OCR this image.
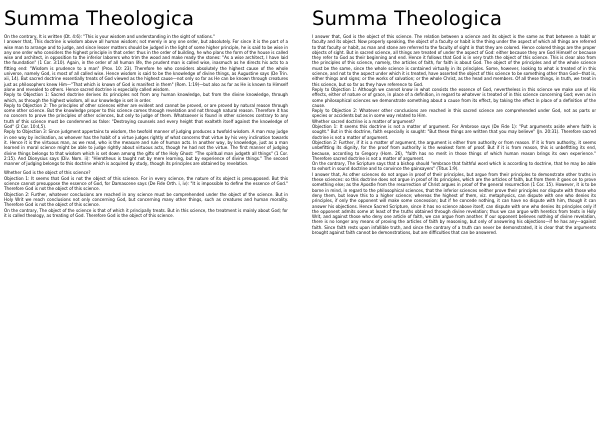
Summa Theologica

On the contrary, It is written (Dt. 4:6): "This is your wisdom and understanding in the sight of nations."

I answer that, This doctrine is wisdom above all human wisdom; not merely in any one order, but absolutely. For since it is the part of a wise man to arrange and to judge, and since lesser matters should be judged in the light of some higher principle, he is said to be wise in any one order who considers the highest principle in that order: thus in the order of building, he who plans the form of the house is called wise and architect, in opposition to the inferior laborers who trim the wood and make ready the stones: "As a wise architect, I have laid the foundation" (1 Cor. 3:10). Again, in the order of all human life, the prudent man is called wise, inasmuch as he directs his acts to a fitting end: "Wisdom is prudence to a man" (Prov. 10: 23). Therefore he who considers absolutely the highest cause of the whole universe, namely God, is most of all called wise. Hence wisdom is said to be the knowledge of divine things, as Augustine says (De Trin. xii, 14). But sacred doctrine essentially treats of God viewed as the highest cause—not only so far as He can be known through creatures just as philosophers knew Him—"That which is known of God is manifest in them" (Rom. 1:19)—but also as far as He is known to Himself alone and revealed to others. Hence sacred doctrine is especially called wisdom.

Reply to Objection 1: Sacred doctrine derives its principles not from any human knowledge, but from the divine knowledge, through which, as through the highest wisdom, all our knowledge is set in order.

Reply to Objection 2: The principles of other sciences either are evident and cannot be proved, or are proved by natural reason through some other science. But the knowledge proper to this science comes through revelation and not through natural reason. Therefore it has no concern to prove the principles of other sciences, but only to judge of them. Whatsoever is found in other sciences contrary to any truth of this science must be condemned as false: "Destroying counsels and every height that exalteth itself against the knowledge of God" (2 Cor. 10:4,5).

Reply to Objection 3: Since judgment appertains to wisdom, the twofold manner of judging produces a twofold wisdom. A man may judge in one way by inclination, as whoever has the habit of a virtue judges rightly of what concerns that virtue by his very inclination towards it. Hence it is the virtuous man, as we read, who is the measure and rule of human acts. In another way, by knowledge, just as a man learned in moral science might be able to judge rightly about virtuous acts, though he had not the virtue. The first manner of judging divine things belongs to that wisdom which is set down among the gifts of the Holy Ghost: "The spiritual man judgeth all things" (1 Cor. 2:15). And Dionysius says (Div. Nom. ii): "Hierotheus is taught not by mere learning, but by experience of divine things." The second manner of judging belongs to this doctrine which is acquired by study, though its principles are obtained by revelation.

Whether God is the object of this science?

Objection 1: It seems that God is not the object of this science. For in every science, the nature of its object is presupposed. But this science cannot presuppose the essence of God, for Damascene says (De Fide Orth. i, iv): "It is impossible to define the essence of God." Therefore God is not the object of this science.

Objection 2: Further, whatever conclusions are reached in any science must be comprehended under the object of the science. But in Holy Writ we reach conclusions not only concerning God, but concerning many other things, such as creatures and human morality. Therefore God is not the object of this science.

On the contrary, The object of the science is that of which it principally treats. But in this science, the treatment is mainly about God; for it is called theology, as treating of God. Therefore God is the object of this science.

Summa Theologica

I answer that, God is the object of this science. The relation between a science and its object is the same as that between a habit or faculty and its object. Now properly speaking, the object of a faculty or habit is the thing under the aspect of which all things are referred to that faculty or habit, as man and stone are referred to the faculty of sight in that they are colored. Hence colored things are the proper objects of sight. But in sacred science, all things are treated of under the aspect of God: either because they are God Himself or because they refer to God as their beginning and end. Hence it follows that God is in very truth the object of this science. This is clear also from the principles of this science, namely, the articles of faith, for faith is about God. The object of the principles and of the whole science must be the same, since the whole science is contained virtually in its principles. Some, however, looking to what is treated of in this science, and not to the aspect under which it is treated, have asserted the object of this science to be something other than God—that is, either things and signs; or the works of salvation; or the whole Christ, as the head and members. Of all these things, in truth, we treat in this science, but so far as they have reference to God.

Reply to Objection 1: Although we cannot know in what consists the essence of God, nevertheless in this science we make use of His effects, either of nature or of grace, in place of a definition, in regard to whatever is treated of in this science concerning God; even as in some philosophical sciences we demonstrate something about a cause from its effect, by taking the effect in place of a definition of the cause.

Reply to Objection 2: Whatever other conclusions are reached in this sacred science are comprehended under God, not as parts or species or accidents but as in some way related to Him.

Whether sacred doctrine is a matter of argument?

Objection 1: It seems this doctrine is not a matter of argument. For Ambrose says (De Fide 1): "Put arguments aside where faith is sought." But in this doctrine, faith especially is sought: "But these things are written that you may believe" (Jn. 20:31). Therefore sacred doctrine is not a matter of argument.

Objection 2: Further, if it is a matter of argument, the argument is either from authority or from reason. If it is from authority, it seems unbefitting its dignity, for the proof from authority is the weakest form of proof. But if it is from reason, this is unbefitting its end, because, according to Gregory (Hom. 26), "faith has no merit in those things of which human reason brings its own experience." Therefore sacred doctrine is not a matter of argument.

On the contrary, The Scripture says that a bishop should "embrace that faithful word which is according to doctrine, that he may be able to exhort in sound doctrine and to convince the gainsayers" (Titus 1:9).

I answer that, As other sciences do not argue in proof of their principles, but argue from their principles to demonstrate other truths in these sciences: so this doctrine does not argue in proof of its principles, which are the articles of faith, but from them it goes on to prove something else; as the Apostle from the resurrection of Christ argues in proof of the general resurrection (1 Cor. 15). However, it is to be borne in mind, in regard to the philosophical sciences, that the inferior sciences neither prove their principles nor dispute with those who deny them, but leave this to a higher science; whereas the highest of them, viz. metaphysics, can dispute with one who denies its principles, if only the opponent will make some concession; but if he concede nothing, it can have no dispute with him, though it can answer his objections. Hence Sacred Scripture, since it has no science above itself, can dispute with one who denies its principles only if the opponent admits some at least of the truths obtained through divine revelation; thus we can argue with heretics from texts in Holy Writ, and against those who deny one article of faith, we can argue from another. If our opponent believes nothing of divine revelation, there is no longer any means of proving the articles of faith by reasoning, but only of answering his objections—if he has any—against faith. Since faith rests upon infallible truth, and since the contrary of a truth can never be demonstrated, it is clear that the arguments brought against faith cannot be demonstrations, but are difficulties that can be answered.
